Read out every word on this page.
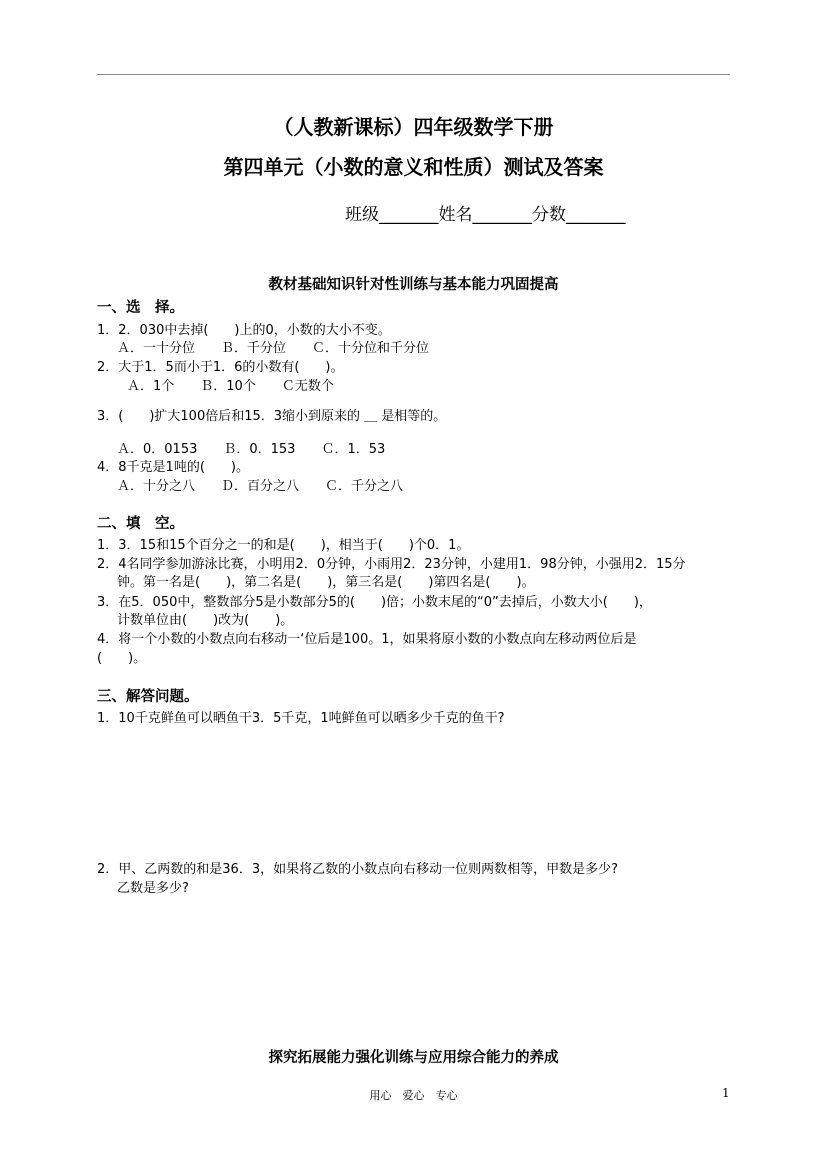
（人教新课标）四年级数学下册
第四单元（小数的意义和性质）测试及答案
班级_______姓名_______分数_______
教材基础知识针对性训练与基本能力巩固提高
一、选　择。
1．2．030中去掉(　　)上的0，小数的大小不变。
Ａ．一十分位　　Ｂ．千分位　　Ｃ．十分位和千分位
2．大于1．5而小于1．6的小数有(　　)。
Ａ．1个　　Ｂ．10个　　Ｃ无数个
3．(　　)扩大100倍后和15．3缩小到原来的 ＿ 是相等的。
Ａ．0．0153　　Ｂ．0．153　　Ｃ．1．53
4．8千克是1吨的(　　)。
Ａ．十分之八　　Ｄ．百分之八　　Ｃ．千分之八
二、填　空。
1．3．15和15个百分之一的和是(　　)，相当于(　　)个0．1。
2．4名同学参加游泳比赛，小明用2．0分钟，小雨用2．23分钟，小建用1．98分钟，小强用2．15分
钟。第一名是(　　)，第二名是(　　)，第三名是(　　)第四名是(　　)。
3．在5．050中，整数部分5是小数部分5的(　　)倍；小数末尾的“0”去掉后，小数大小(　　)，
计数单位由(　　)改为(　　)。
4．将一个小数的小数点向右移动一‘位后是100。1，如果将原小数的小数点向左移动两位后是
(　　)。
三、解答问题。
1．10千克鲜鱼可以晒鱼干3．5千克，1吨鲜鱼可以晒多少千克的鱼干?
2．甲、乙两数的和是36．3，如果将乙数的小数点向右移动一位则两数相等，甲数是多少?
乙数是多少?
探究拓展能力强化训练与应用综合能力的养成
用心　爱心　专心	1
